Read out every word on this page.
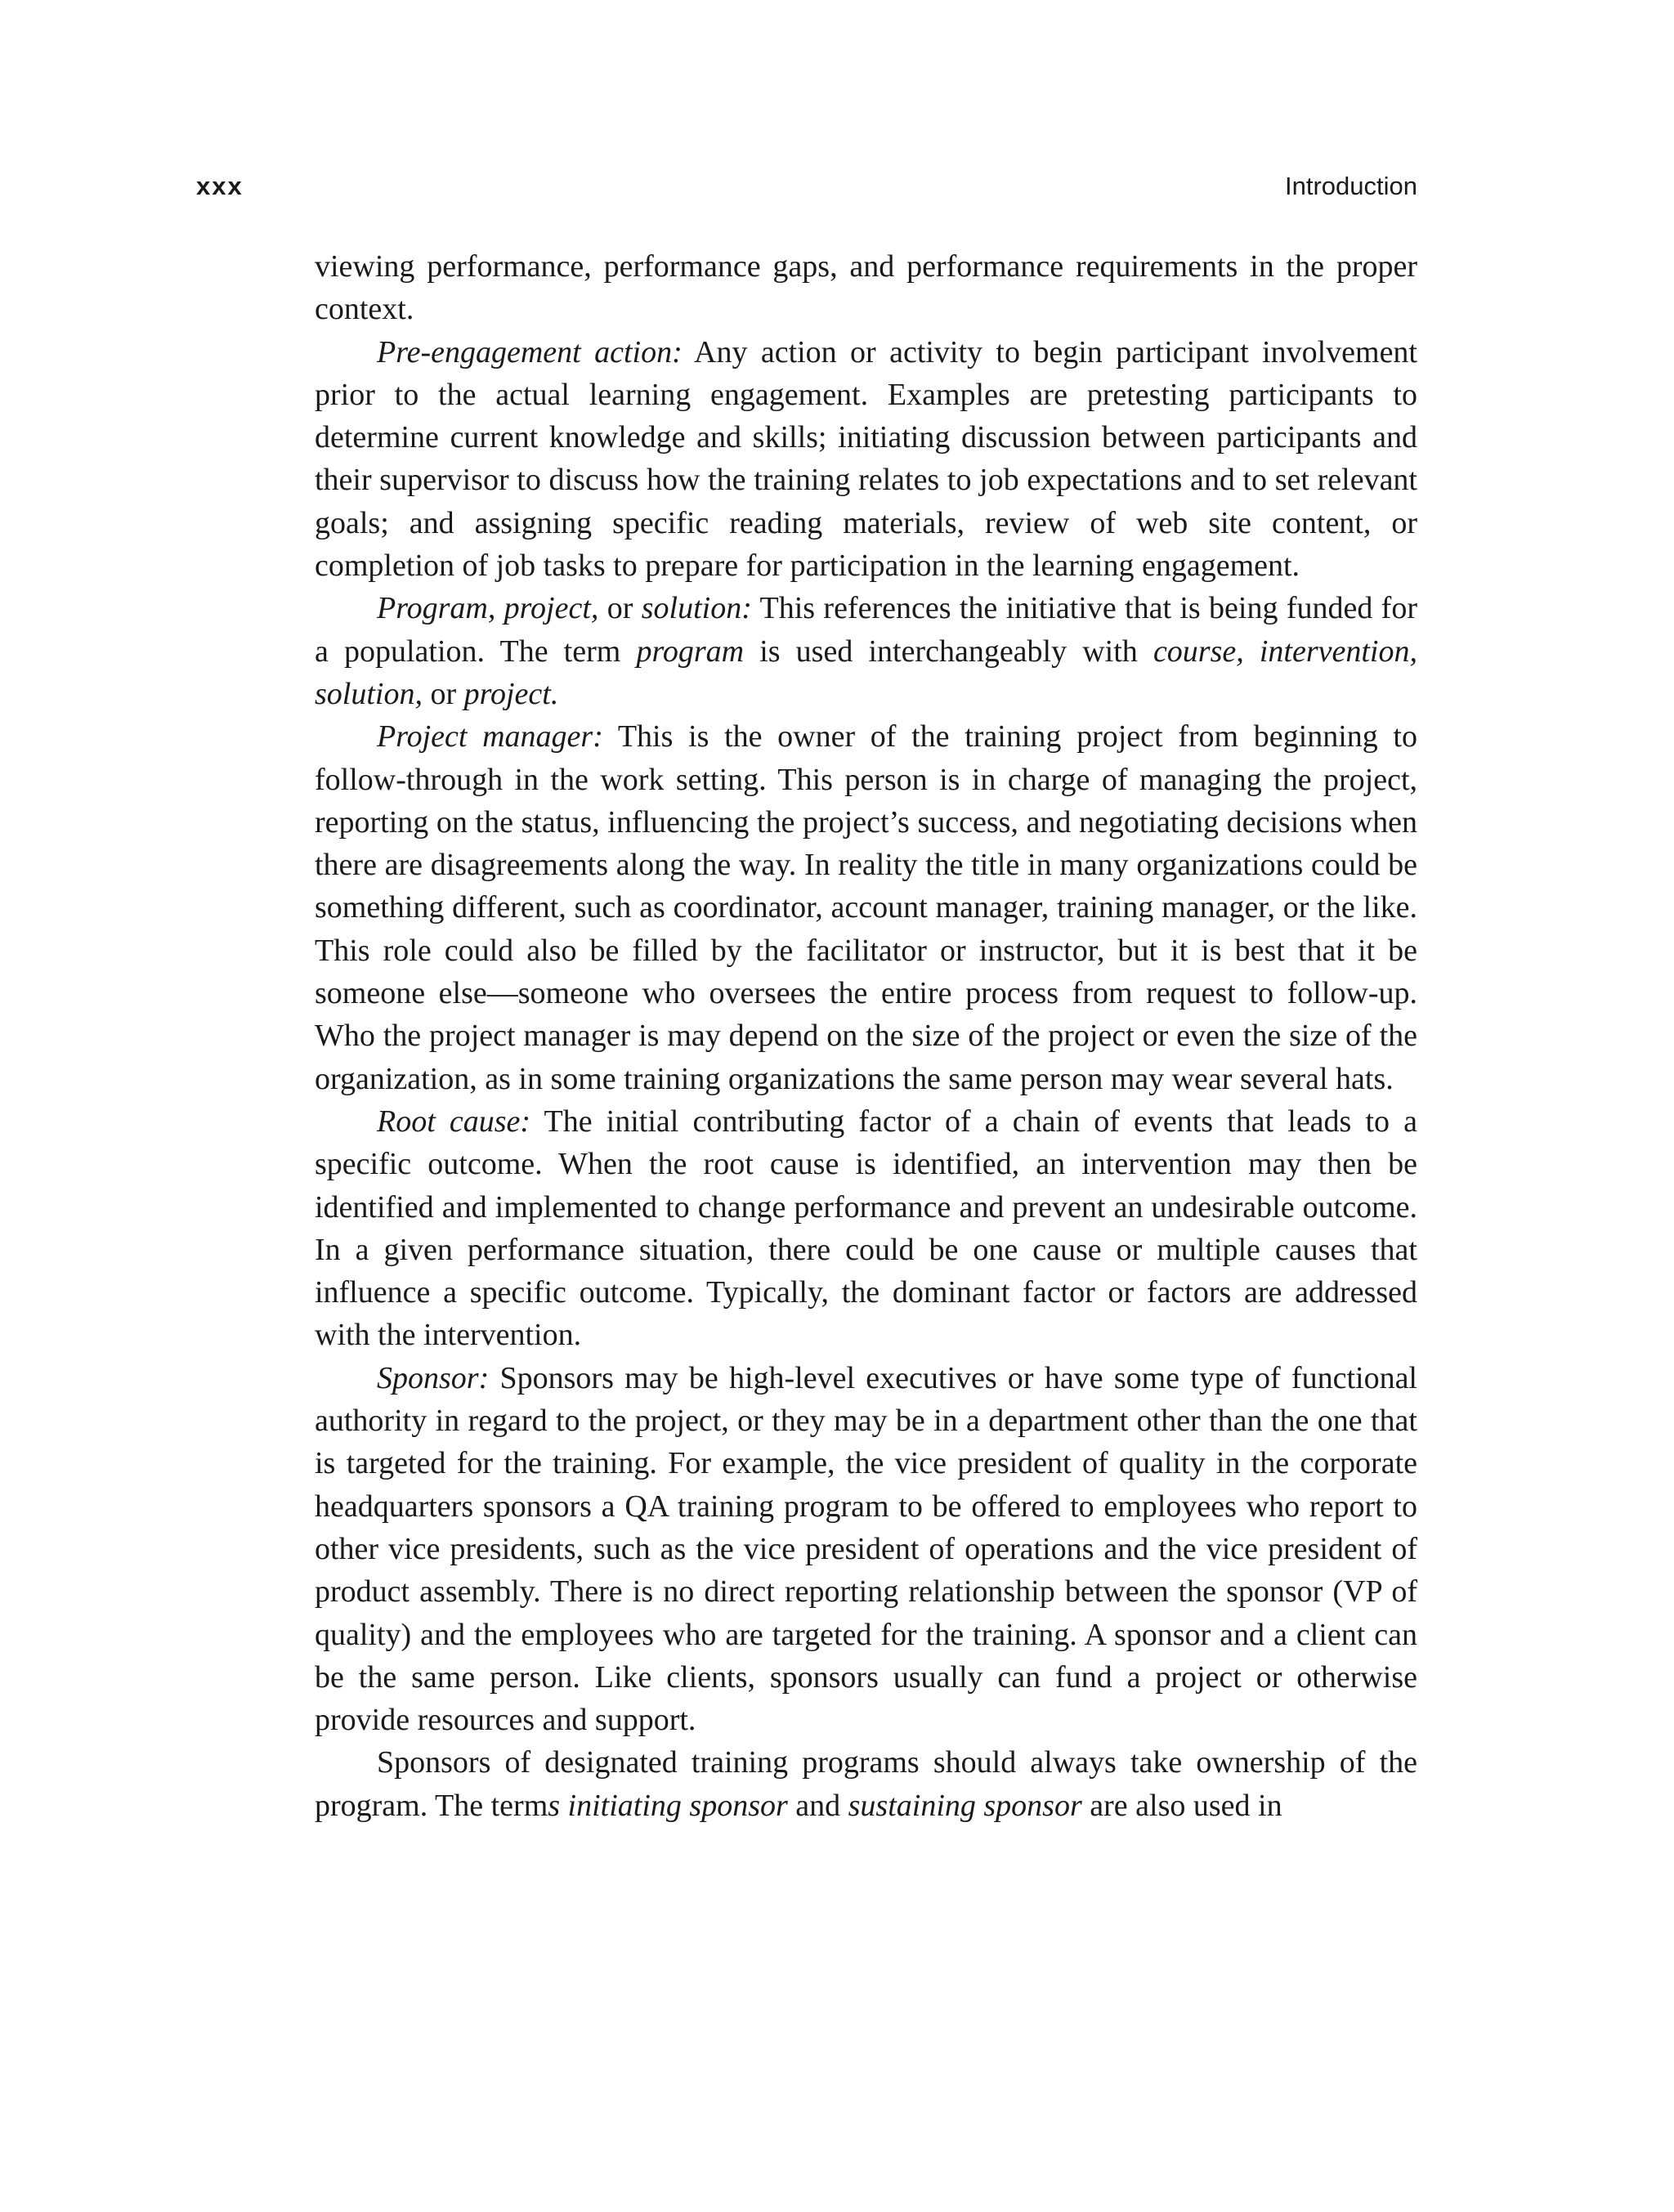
xxx	Introduction

viewing performance, performance gaps, and performance requirements in the proper context.

Pre-engagement action: Any action or activity to begin participant involvement prior to the actual learning engagement. Examples are pretesting participants to determine current knowledge and skills; initiating discussion between participants and their supervisor to discuss how the training relates to job expectations and to set relevant goals; and assigning specific reading materials, review of web site content, or completion of job tasks to prepare for participation in the learning engagement.

Program, project, or solution: This references the initiative that is being funded for a population. The term program is used interchangeably with course, intervention, solution, or project.

Project manager: This is the owner of the training project from beginning to follow-through in the work setting. This person is in charge of managing the project, reporting on the status, influencing the project’s success, and negotiating decisions when there are disagreements along the way. In reality the title in many organizations could be something different, such as coordinator, account manager, training manager, or the like. This role could also be filled by the facilitator or instructor, but it is best that it be someone else—someone who oversees the entire process from request to follow-up. Who the project manager is may depend on the size of the project or even the size of the organization, as in some training organizations the same person may wear several hats.

Root cause: The initial contributing factor of a chain of events that leads to a specific outcome. When the root cause is identified, an intervention may then be identified and implemented to change performance and prevent an undesirable outcome. In a given performance situation, there could be one cause or multiple causes that influence a specific outcome. Typically, the dominant factor or factors are addressed with the intervention.

Sponsor: Sponsors may be high-level executives or have some type of functional authority in regard to the project, or they may be in a department other than the one that is targeted for the training. For example, the vice president of quality in the corporate headquarters sponsors a QA training program to be offered to employees who report to other vice presidents, such as the vice president of operations and the vice president of product assembly. There is no direct reporting relationship between the sponsor (VP of quality) and the employees who are targeted for the training. A sponsor and a client can be the same person. Like clients, sponsors usually can fund a project or otherwise provide resources and support.

Sponsors of designated training programs should always take ownership of the program. The terms initiating sponsor and sustaining sponsor are also used in
